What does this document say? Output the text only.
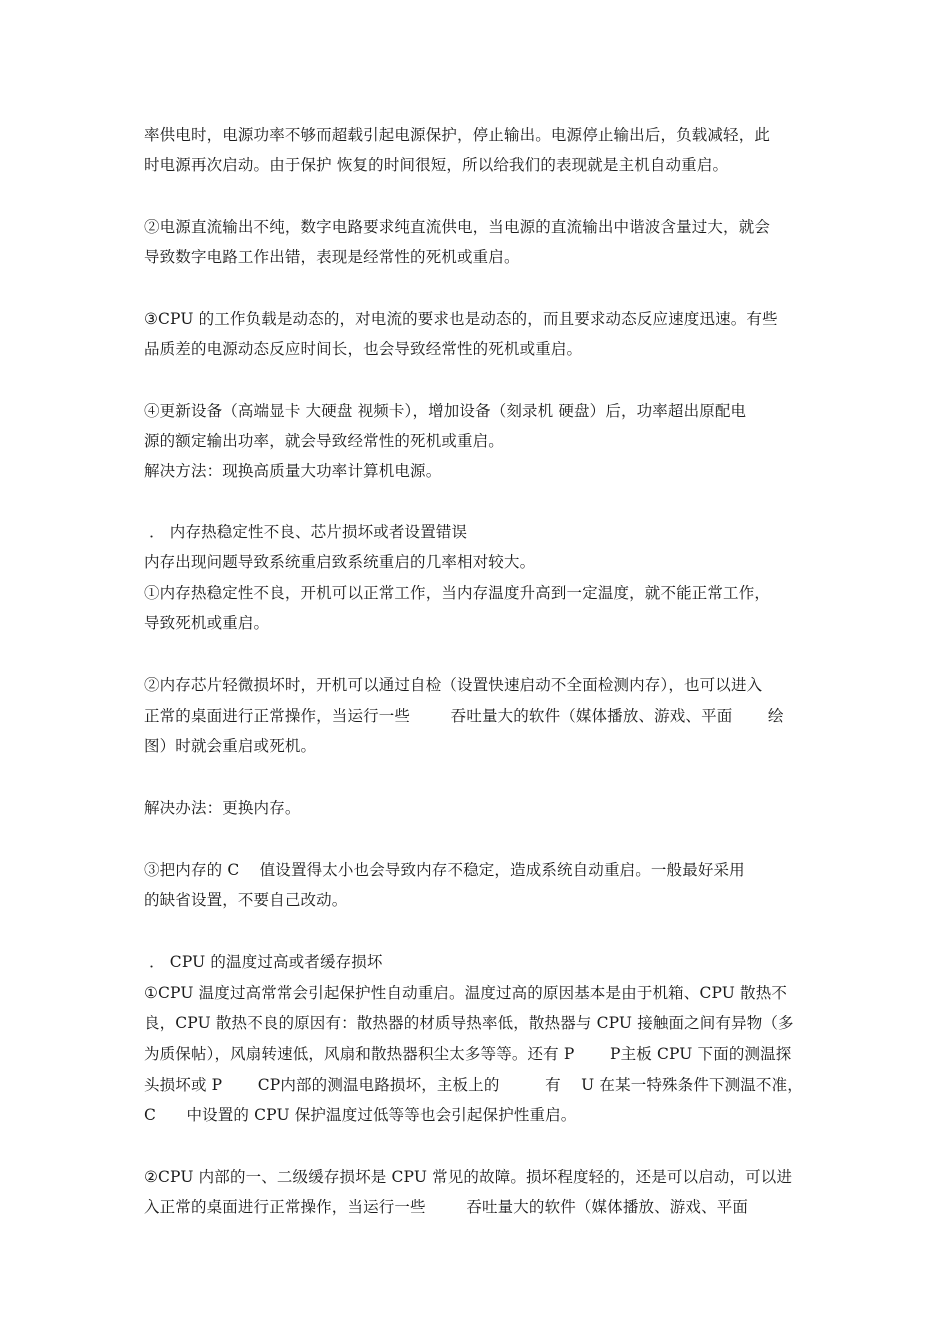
率供电时，电源功率不够而超载引起电源保护，停止输出。电源停止输出后，负载减轻，此
时电源再次启动。由于保护 恢复的时间很短，所以给我们的表现就是主机自动重启。
②电源直流输出不纯，数字电路要求纯直流供电，当电源的直流输出中谐波含量过大，就会
导致数字电路工作出错，表现是经常性的死机或重启。
③CPU 的工作负载是动态的，对电流的要求也是动态的，而且要求动态反应速度迅速。有些
品质差的电源动态反应时间长，也会导致经常性的死机或重启。
④更新设备（高端显卡 大硬盘 视频卡），增加设备（刻录机 硬盘）后，功率超出原配电
源的额定输出功率，就会导致经常性的死机或重启。
解决方法：现换高质量大功率计算机电源。
． 内存热稳定性不良、芯片损坏或者设置错误
内存出现问题导致系统重启致系统重启的几率相对较大。
①内存热稳定性不良，开机可以正常工作，当内存温度升高到一定温度，就不能正常工作，
导致死机或重启。
②内存芯片轻微损坏时，开机可以通过自检（设置快速启动不全面检测内存），也可以进入
正常的桌面进行正常操作，当运行一些        吞吐量大的软件（媒体播放、游戏、平面       绘
图）时就会重启或死机。
解决办法：更换内存。
③把内存的 C    值设置得太小也会导致内存不稳定，造成系统自动重启。一般最好采用
的缺省设置，不要自己改动。
． CPU 的温度过高或者缓存损坏
①CPU 温度过高常常会引起保护性自动重启。温度过高的原因基本是由于机箱、CPU 散热不
良，CPU 散热不良的原因有：散热器的材质导热率低，散热器与 CPU 接触面之间有异物（多
为质保帖），风扇转速低，风扇和散热器积尘太多等等。还有 P       P主板 CPU 下面的测温探
头损坏或 P       CP内部的测温电路损坏，主板上的         有    U 在某一特殊条件下测温不准，
C      中设置的 CPU 保护温度过低等等也会引起保护性重启。
②CPU 内部的一、二级缓存损坏是 CPU 常见的故障。损坏程度轻的，还是可以启动，可以进
入正常的桌面进行正常操作，当运行一些        吞吐量大的软件（媒体播放、游戏、平面
